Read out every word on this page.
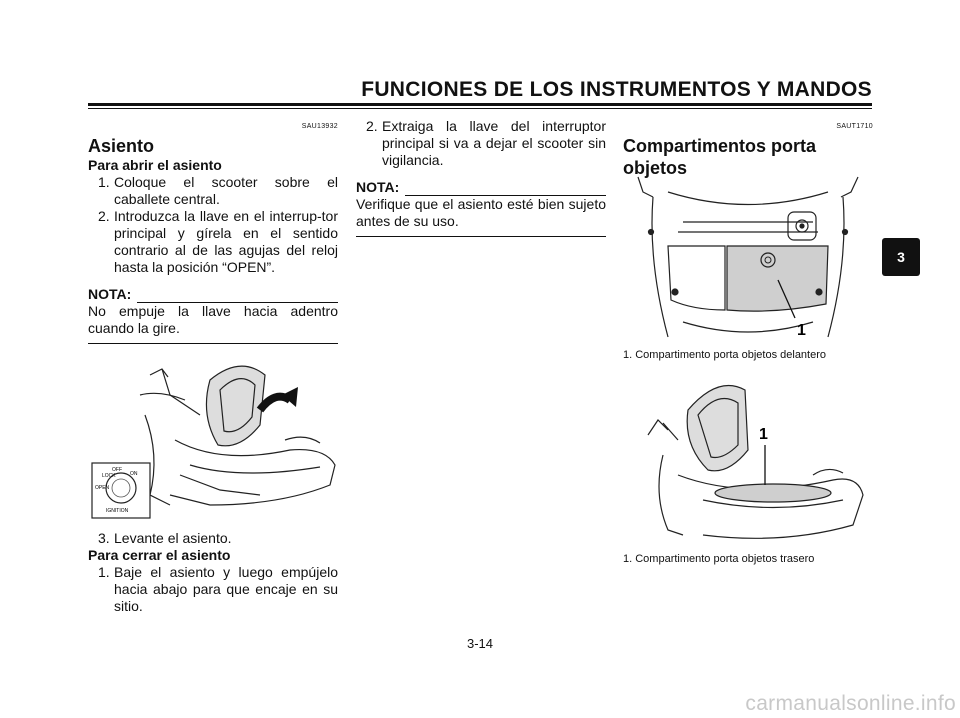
FUNCIONES DE LOS INSTRUMENTOS Y MANDOS
SAU13932
Asiento
Para abrir el asiento
1. Coloque el scooter sobre el caballete central.
2. Introduzca la llave en el interrup-tor principal y gírela en el sentido contrario al de las agujas del reloj hasta la posición “OPEN”.
NOTA:
No empuje la llave hacia adentro cuando la gire.
LOCK
OFF
ON
OPEN
IGNITION
3. Levante el asiento.
Para cerrar el asiento
1. Baje el asiento y luego empújelo hacia abajo para que encaje en su sitio.
2. Extraiga la llave del interruptor principal si va a dejar el scooter sin vigilancia.
NOTA:
Verifique que el asiento esté bien sujeto antes de su uso.
SAUT1710
Compartimentos porta
objetos
1
1. Compartimento porta objetos delantero
1
1. Compartimento porta objetos trasero
3-14
3
carmanualsonline.info
